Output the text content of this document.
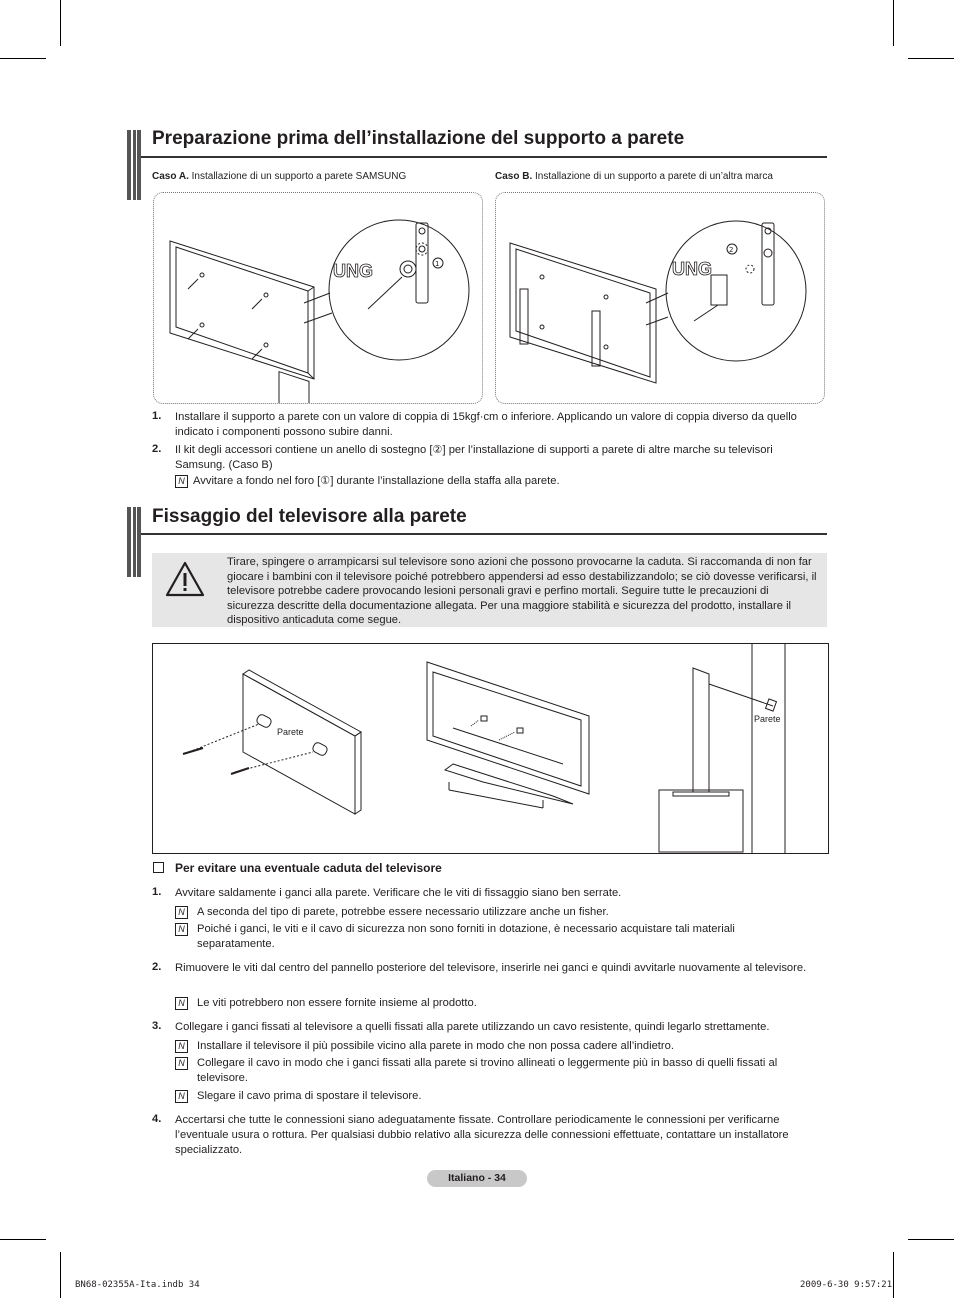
Preparazione prima dell’installazione del supporto a parete
Caso A. Installazione di un supporto a parete SAMSUNG	Caso B. Installazione di un supporto a parete di un’altra marca
UNG	1	UNG
2
1. Installare il supporto a parete con un valore di coppia di 15kgf·cm o inferiore. Applicando un valore di coppia diverso da quello indicato i componenti possono subire danni.
2. Il kit degli accessori contiene un anello di sostegno [②] per l’installazione di supporti a parete di altre marche su televisori Samsung. (Caso B)
N Avvitare a fondo nel foro [①] durante l’installazione della staffa alla parete.
Fissaggio del televisore alla parete
Tirare, spingere o arrampicarsi sul televisore sono azioni che possono provocarne la caduta. Si raccomanda di non far giocare i bambini con il televisore poiché potrebbero appendersi ad esso destabilizzandolo; se ciò dovesse verificarsi, il televisore potrebbe cadere provocando lesioni personali gravi e perfino mortali. Seguire tutte le precauzioni di sicurezza descritte della documentazione allegata. Per una maggiore stabilità e sicurezza del prodotto, installare il dispositivo anticaduta come segue.
Parete
Parete
Per evitare una eventuale caduta del televisore
1. Avvitare saldamente i ganci alla parete. Verificare che le viti di fissaggio siano ben serrate.
N A seconda del tipo di parete, potrebbe essere necessario utilizzare anche un fisher.
N Poiché i ganci, le viti e il cavo di sicurezza non sono forniti in dotazione, è necessario acquistare tali materiali separatamente.
2. Rimuovere le viti dal centro del pannello posteriore del televisore, inserirle nei ganci e quindi avvitarle nuovamente al televisore.
N Le viti potrebbero non essere fornite insieme al prodotto.
3. Collegare i ganci fissati al televisore a quelli fissati alla parete utilizzando un cavo resistente, quindi legarlo strettamente.
N Installare il televisore il più possibile vicino alla parete in modo che non possa cadere all’indietro.
N Collegare il cavo in modo che i ganci fissati alla parete si trovino allineati o leggermente più in basso di quelli fissati al televisore.
N Slegare il cavo prima di spostare il televisore.
4. Accertarsi che tutte le connessioni siano adeguatamente fissate. Controllare periodicamente le connessioni per verificarne l’eventuale usura o rottura. Per qualsiasi dubbio relativo alla sicurezza delle connessioni effettuate, contattare un installatore specializzato.
Italiano - 34
BN68-02355A-Ita.indb 34	2009-6-30 9:57:21
